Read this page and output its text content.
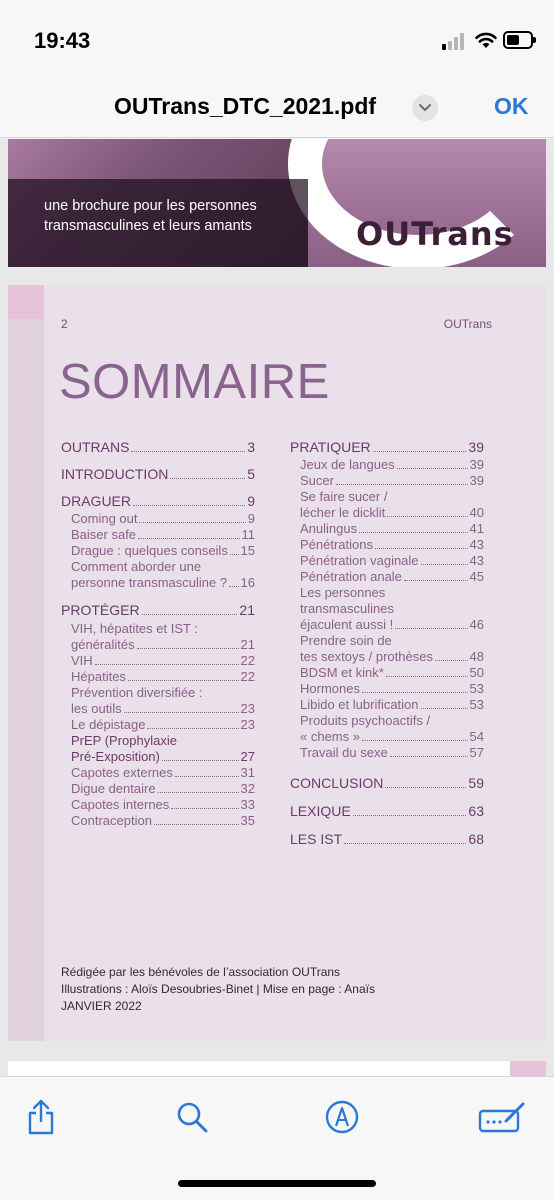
19:43
OUTrans_DTC_2021.pdf	OK
une brochure pour les personnes
transmasculines et leurs amants	OUTrans
2	OUTrans
SOMMAIRE
OUTRANS	3
INTRODUCTION	5
DRAGUER	9
Coming out	9
Baiser safe	11
Drague : quelques conseils 15
Comment aborder une
personne transmasculine ? 16
PROTÉGER	21
VIH, hépatites et IST :
généralités	21
VIH	22
Hépatites	22
Prévention diversifiée :
les outils	23
Le dépistage	23
PrEP (Prophylaxie
Pré-Exposition)	27
Capotes externes	31
Digue dentaire	32
Capotes internes	33
Contraception	35
PRATIQUER	39
Jeux de langues	39
Sucer	39
Se faire sucer /
lécher le dicklit	40
Anulingus	41
Pénétrations	43
Pénétration vaginale	43
Pénétration anale	45
Les personnes
transmasculines
éjaculent aussi !	46
Prendre soin de
tes sextoys / prothèses	48
BDSM et kink*	50
Hormones	53
Libido et lubrification	53
Produits psychoactifs /
« chems »	54
Travail du sexe	57
CONCLUSION	59
LEXIQUE	63
LES IST	68
Rédigée par les bénévoles de l’association OUTrans
Illustrations : Aloïs Desoubries-Binet | Mise en page : Anaïs
JANVIER 2022
